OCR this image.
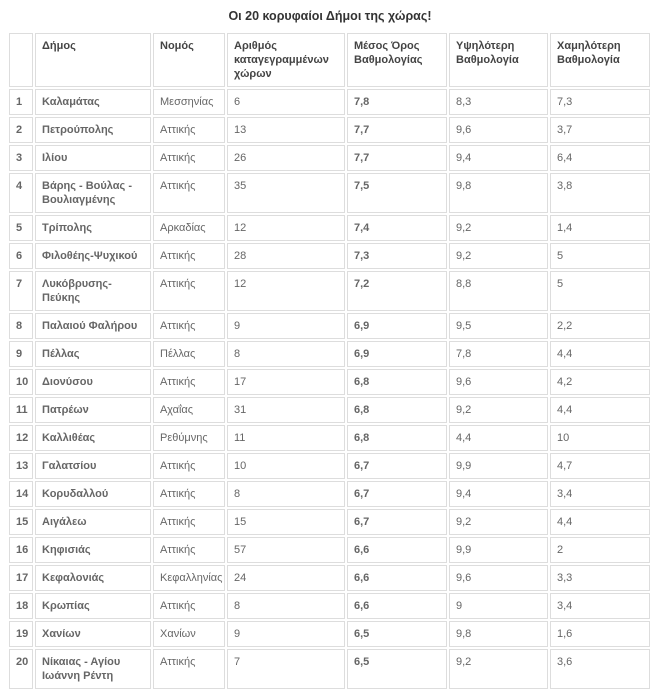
Οι 20 κορυφαίοι Δήμοι της χώρας!
	Δήμος	Νομός	Αριθμός καταγεγραμμένων χώρων	Μέσος Όρος Βαθμολογίας	Υψηλότερη Βαθμολογία	Χαμηλότερη Βαθμολογία
1	Καλαμάτας	Μεσσηνίας	6	7,8	8,3	7,3
2	Πετρούπολης	Αττικής	13	7,7	9,6	3,7
3	Ιλίου	Αττικής	26	7,7	9,4	6,4
4	Βάρης - Βούλας - Βουλιαγμένης	Αττικής	35	7,5	9,8	3,8
5	Τρίπολης	Αρκαδίας	12	7,4	9,2	1,4
6	Φιλοθέης-Ψυχικού	Αττικής	28	7,3	9,2	5
7	Λυκόβρυσης-Πεύκης	Αττικής	12	7,2	8,8	5
8	Παλαιού Φαλήρου	Αττικής	9	6,9	9,5	2,2
9	Πέλλας	Πέλλας	8	6,9	7,8	4,4
10	Διονύσου	Αττικής	17	6,8	9,6	4,2
11	Πατρέων	Αχαΐας	31	6,8	9,2	4,4
12	Καλλιθέας	Ρεθύμνης	11	6,8	4,4	10
13	Γαλατσίου	Αττικής	10	6,7	9,9	4,7
14	Κορυδαλλού	Αττικής	8	6,7	9,4	3,4
15	Αιγάλεω	Αττικής	15	6,7	9,2	4,4
16	Κηφισιάς	Αττικής	57	6,6	9,9	2
17	Κεφαλονιάς	Κεφαλληνίας	24	6,6	9,6	3,3
18	Κρωπίας	Αττικής	8	6,6	9	3,4
19	Χανίων	Χανίων	9	6,5	9,8	1,6
20	Νίκαιας - Αγίου Ιωάννη Ρέντη	Αττικής	7	6,5	9,2	3,6
